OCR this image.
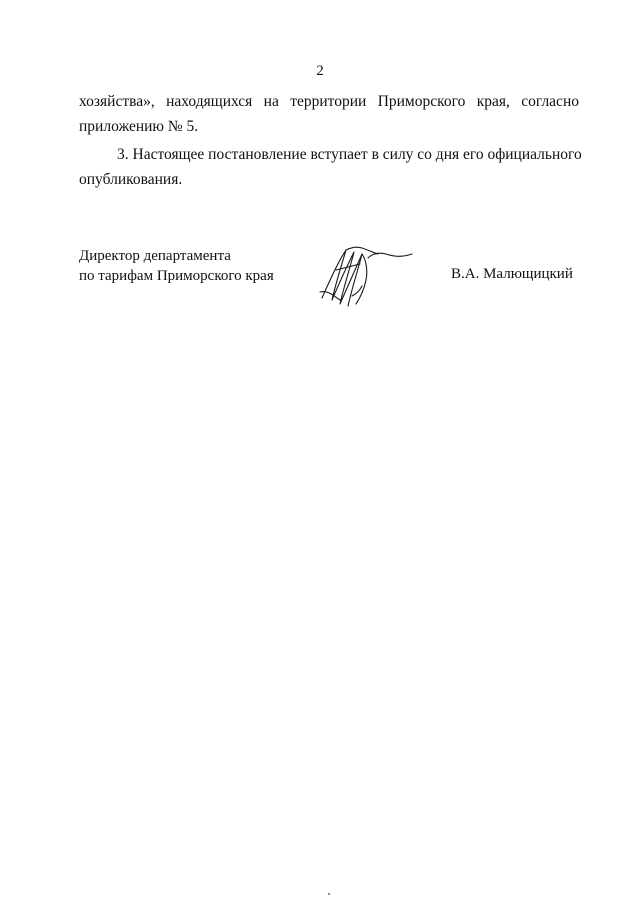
2
хозяйства», находящихся на территории Приморского края, согласно
приложению № 5.
3. Настоящее постановление вступает в силу со дня его официального
опубликования.
Директор департамента
по тарифам Приморского края	В.А. Малющицкий
